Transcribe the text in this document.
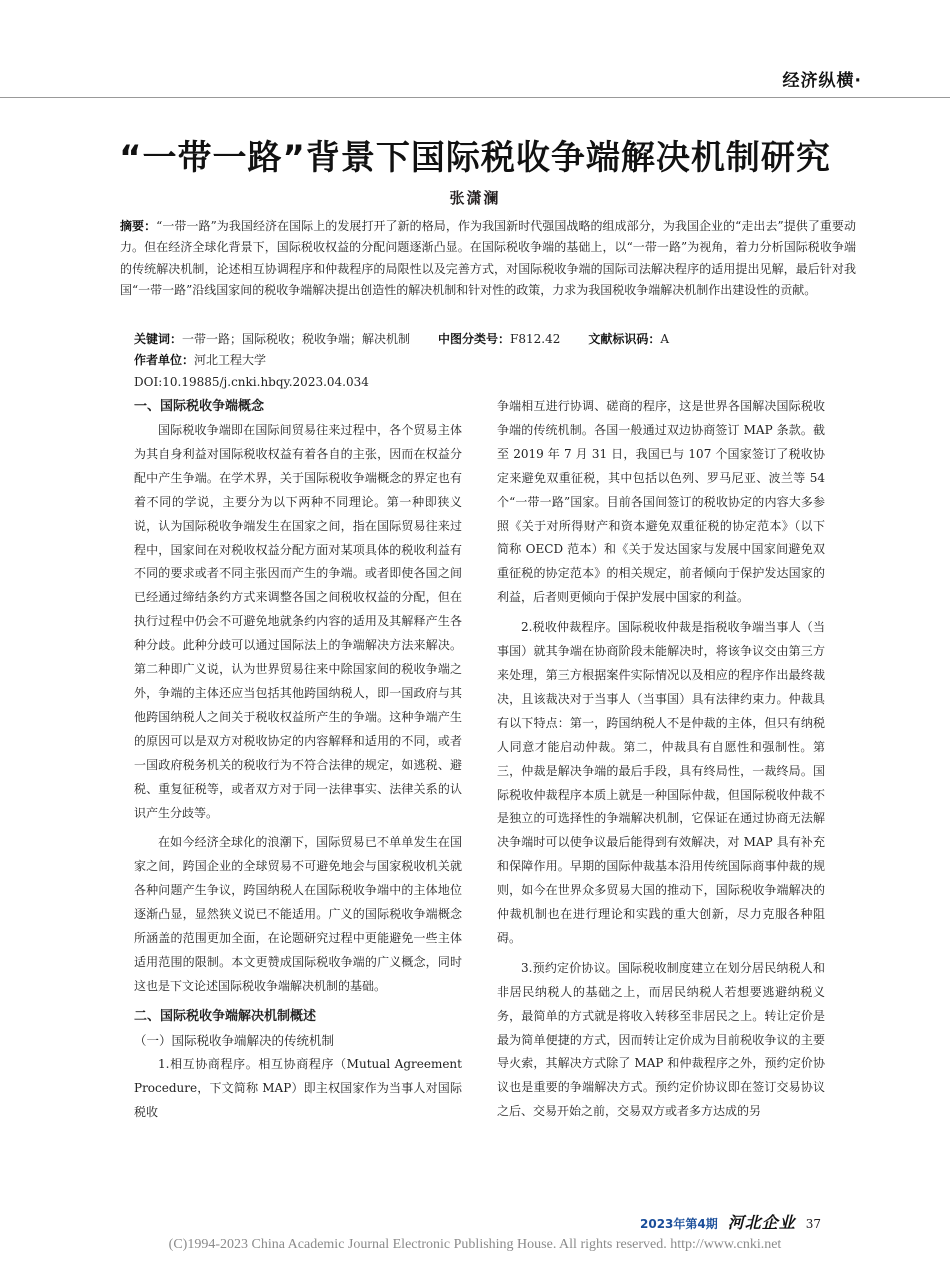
经济纵横·
“一带一路”背景下国际税收争端解决机制研究
张潇澜
摘要：“一带一路”为我国经济在国际上的发展打开了新的格局，作为我国新时代强国战略的组成部分，为我国企业的“走出去”提供了重要动力。但在经济全球化背景下，国际税收权益的分配问题逐渐凸显。在国际税收争端的基础上，以“一带一路”为视角，着力分析国际税收争端的传统解决机制，论述相互协调程序和仲裁程序的局限性以及完善方式，对国际税收争端的国际司法解决程序的适用提出见解，最后针对我国“一带一路”沿线国家间的税收争端解决提出创造性的解决机制和针对性的政策，力求为我国税收争端解决机制作出建设性的贡献。
关键词：一带一路；国际税收；税收争端；解决机制 中图分类号：F812.42 文献标识码：A
作者单位：河北工程大学
DOI:10.19885/j.cnki.hbqy.2023.04.034

一、国际税收争端概念

国际税收争端即在国际间贸易往来过程中，各个贸易主体为其自身利益对国际税收权益有着各自的主张，因而在权益分配中产生争端。在学术界，关于国际税收争端概念的界定也有着不同的学说，主要分为以下两种不同理论。第一种即狭义说，认为国际税收争端发生在国家之间，指在国际贸易往来过程中，国家间在对税收权益分配方面对某项具体的税收利益有不同的要求或者不同主张因而产生的争端。或者即使各国之间已经通过缔结条约方式来调整各国之间税收权益的分配，但在执行过程中仍会不可避免地就条约内容的适用及其解释产生各种分歧。此种分歧可以通过国际法上的争端解决方法来解决。第二种即广义说，认为世界贸易往来中除国家间的税收争端之外，争端的主体还应当包括其他跨国纳税人，即一国政府与其他跨国纳税人之间关于税收权益所产生的争端。这种争端产生的原因可以是双方对税收协定的内容解释和适用的不同，或者一国政府税务机关的税收行为不符合法律的规定，如逃税、避税、重复征税等，或者双方对于同一法律事实、法律关系的认识产生分歧等。

在如今经济全球化的浪潮下，国际贸易已不单单发生在国家之间，跨国企业的全球贸易不可避免地会与国家税收机关就各种问题产生争议，跨国纳税人在国际税收争端中的主体地位逐渐凸显，显然狭义说已不能适用。广义的国际税收争端概念所涵盖的范围更加全面，在论题研究过程中更能避免一些主体适用范围的限制。本文更赞成国际税收争端的广义概念，同时这也是下文论述国际税收争端解决机制的基础。

二、国际税收争端解决机制概述

（一）国际税收争端解决的传统机制

1.相互协商程序。相互协商程序（Mutual Agreement Procedure，下文简称 MAP）即主权国家作为当事人对国际税收

争端相互进行协调、磋商的程序，这是世界各国解决国际税收争端的传统机制。各国一般通过双边协商签订 MAP 条款。截至 2019 年 7 月 31 日，我国已与 107 个国家签订了税收协定来避免双重征税，其中包括以色列、罗马尼亚、波兰等 54 个“一带一路”国家。目前各国间签订的税收协定的内容大多参照《关于对所得财产和资本避免双重征税的协定范本》（以下简称 OECD 范本）和《关于发达国家与发展中国家间避免双重征税的协定范本》的相关规定，前者倾向于保护发达国家的利益，后者则更倾向于保护发展中国家的利益。

2.税收仲裁程序。国际税收仲裁是指税收争端当事人（当事国）就其争端在协商阶段未能解决时，将该争议交由第三方来处理，第三方根据案件实际情况以及相应的程序作出最终裁决，且该裁决对于当事人（当事国）具有法律约束力。仲裁具有以下特点：第一，跨国纳税人不是仲裁的主体，但只有纳税人同意才能启动仲裁。第二，仲裁具有自愿性和强制性。第三，仲裁是解决争端的最后手段，具有终局性，一裁终局。国际税收仲裁程序本质上就是一种国际仲裁，但国际税收仲裁不是独立的可选择性的争端解决机制，它保证在通过协商无法解决争端时可以使争议最后能得到有效解决，对 MAP 具有补充和保障作用。早期的国际仲裁基本沿用传统国际商事仲裁的规则，如今在世界众多贸易大国的推动下，国际税收争端解决的仲裁机制也在进行理论和实践的重大创新，尽力克服各种阻碍。

3.预约定价协议。国际税收制度建立在划分居民纳税人和非居民纳税人的基础之上，而居民纳税人若想要逃避纳税义务，最简单的方式就是将收入转移至非居民之上。转让定价是最为简单便捷的方式，因而转让定价成为目前税收争议的主要导火索，其解决方式除了 MAP 和仲裁程序之外，预约定价协议也是重要的争端解决方式。预约定价协议即在签订交易协议之后、交易开始之前，交易双方或者多方达成的另

2023年第4期 河北企业 37
(C)1994-2023 China Academic Journal Electronic Publishing House. All rights reserved. http://www.cnki.net
